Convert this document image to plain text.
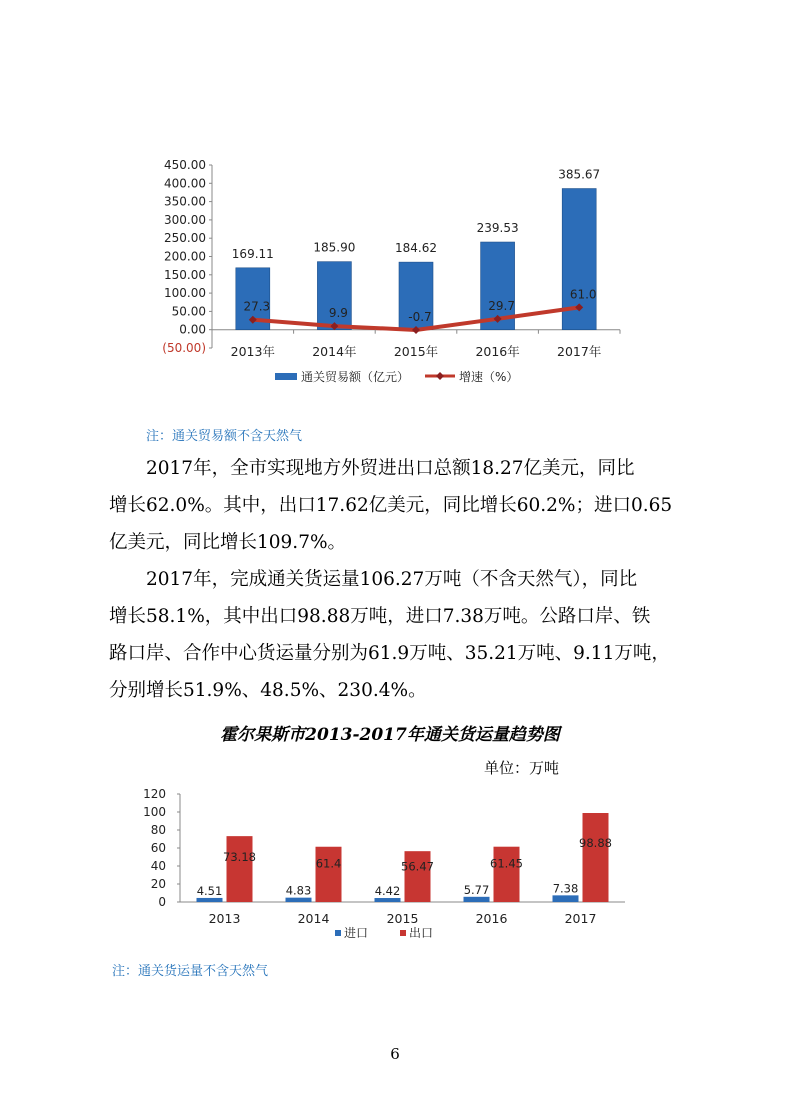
450.00
400.00
350.00
300.00
250.00
200.00
150.00
100.00
50.00
0.00
(50.00)
169.11	185.90	184.62
239.53
385.67
27.3	9.9	-0.7
29.7
61.0
2013年	2014年	2015年	2016年	2017年
通关贸易额（亿元）	增速（%）
注：通关贸易额不含天然气
2017年，全市实现地方外贸进出口总额18.27亿美元，同比
增长62.0%。其中，出口17.62亿美元，同比增长60.2%；进口0.65
亿美元，同比增长109.7%。
2017年，完成通关货运量106.27万吨（不含天然气），同比
增长58.1%，其中出口98.88万吨，进口7.38万吨。公路口岸、铁
路口岸、合作中心货运量分别为61.9万吨、35.21万吨、9.11万吨，
分别增长51.9%、48.5%、230.4%。
霍尔果斯市2013-2017年通关货运量趋势图
单位：万吨
120
100
80
60
40
20
0
4.51
73.18
4.83
61.4
4.42
56.47
5.77
61.45
7.38
98.88
2013	2014	2015	2016	2017
进口	出口
注：通关货运量不含天然气
6
